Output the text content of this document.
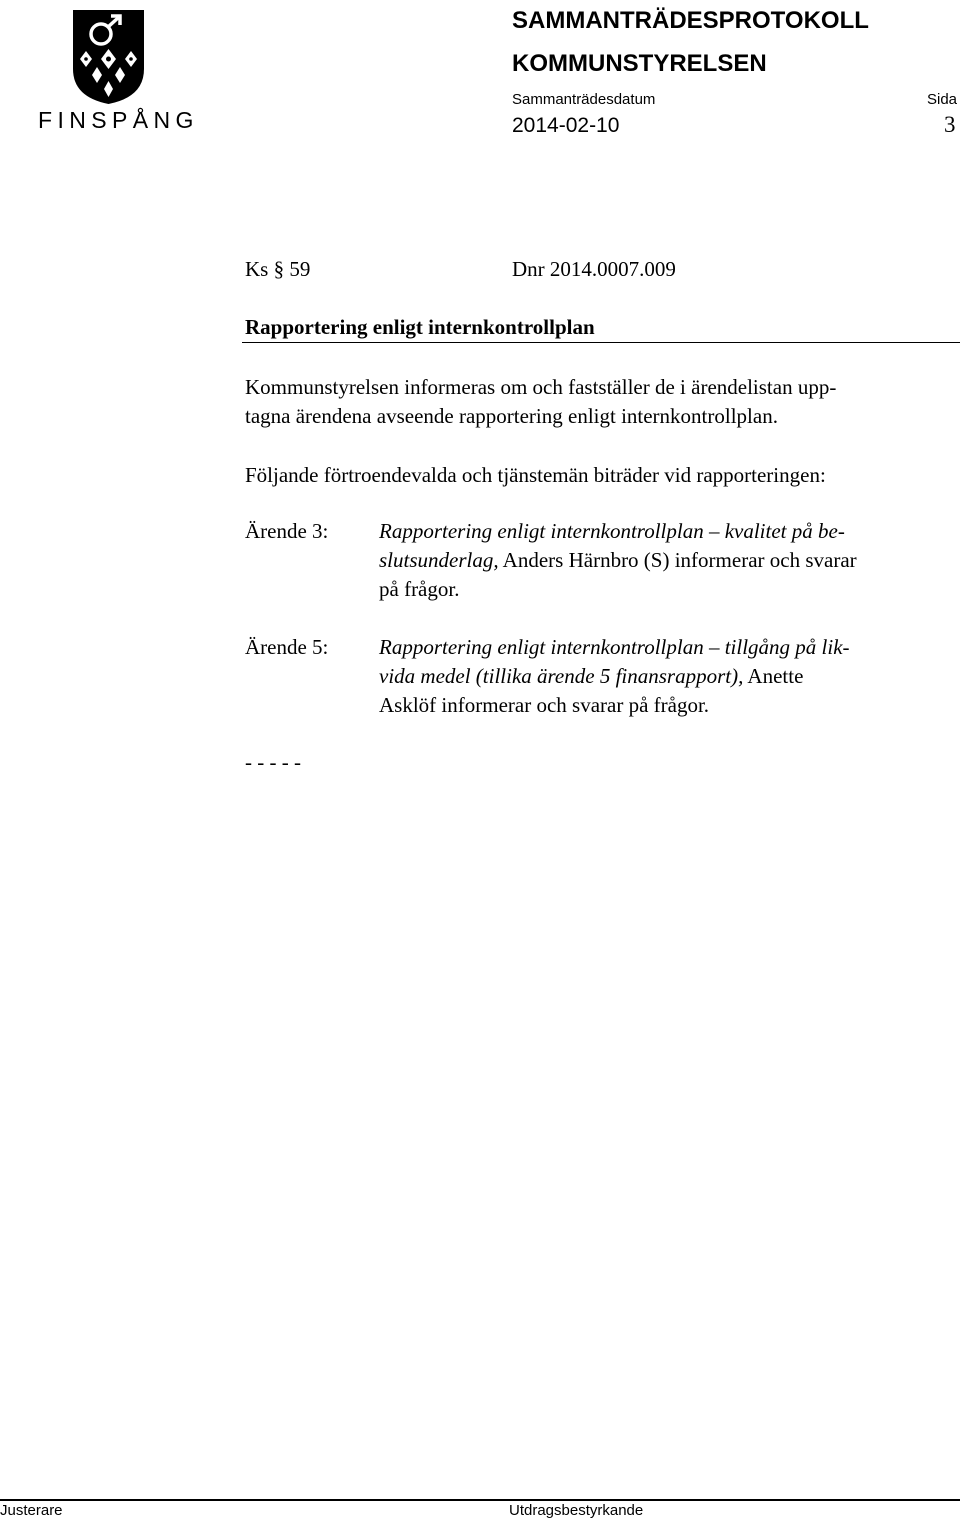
FINSPÅNG
SAMMANTRÄDESPROTOKOLL
KOMMUNSTYRELSEN
Sammanträdesdatum	Sida
2014-02-10	3
Ks § 59	Dnr 2014.0007.009
Rapportering enligt internkontrollplan
Kommunstyrelsen informeras om och fastställer de i ärendelistan upp-
tagna ärendena avseende rapportering enligt internkontrollplan.
Följande förtroendevalda och tjänstemän biträder vid rapporteringen:
Ärende 3: Rapportering enligt internkontrollplan – kvalitet på be-
slutsunderlag, Anders Härnbro (S) informerar och svarar
på frågor.
Ärende 5: Rapportering enligt internkontrollplan – tillgång på lik-
vida medel (tillika ärende 5 finansrapport), Anette
Asklöf informerar och svarar på frågor.
- - - - -
Justerare	Utdragsbestyrkande
